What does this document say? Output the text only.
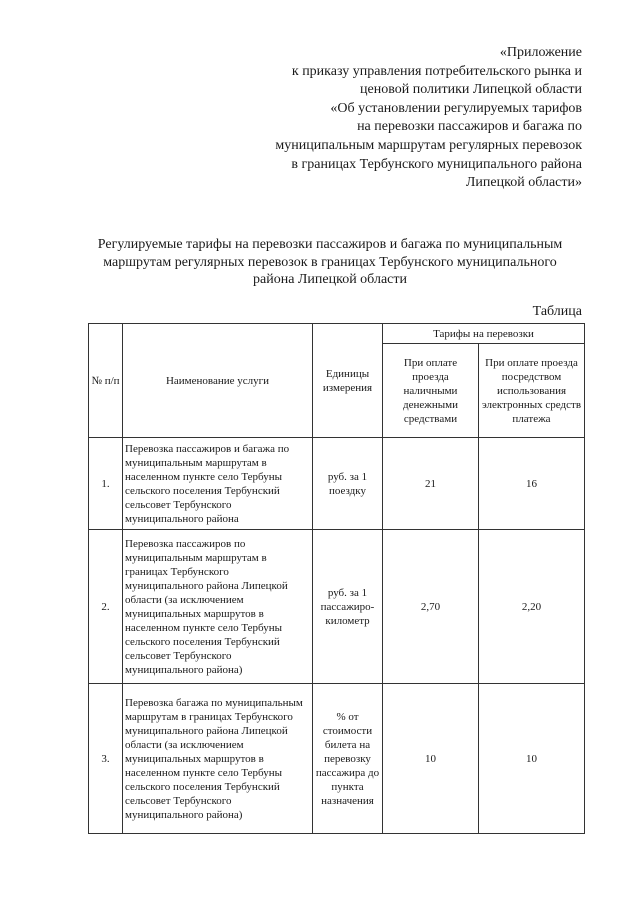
«Приложение
к приказу управления потребительского рынка и
ценовой политики Липецкой области
«Об установлении регулируемых тарифов
на перевозки пассажиров и багажа по
муниципальным маршрутам регулярных перевозок
в границах Тербунского муниципального района
Липецкой области»
Регулируемые тарифы на перевозки пассажиров и багажа по муниципальным
маршрутам регулярных перевозок в границах Тербунского муниципального
района Липецкой области
Таблица
№ п/п	Наименование услуги	Единицы измерения	Тарифы на перевозки	
			При оплате проезда наличными денежными средствами	При оплате проезда посредством использования электронных средств платежа
1.	Перевозка пассажиров и багажа по муниципальным маршрутам в населенном пункте село Тербуны сельского поселения Тербунский сельсовет Тербунского муниципального района	руб. за 1 поездку	21	16
2.	Перевозка пассажиров по муниципальным маршрутам в границах Тербунского муниципального района Липецкой области (за исключением муниципальных маршрутов в населенном пункте село Тербуны сельского поселения Тербунский сельсовет Тербунского муниципального района)	руб. за 1 пассажиро-километр	2,70	2,20
3.	Перевозка багажа по муниципальным маршрутам в границах Тербунского муниципального района Липецкой области (за исключением муниципальных маршрутов в населенном пункте село Тербуны сельского поселения Тербунский сельсовет Тербунского муниципального района)	% от стоимости билета на перевозку пассажира до пункта назначения	10	10
